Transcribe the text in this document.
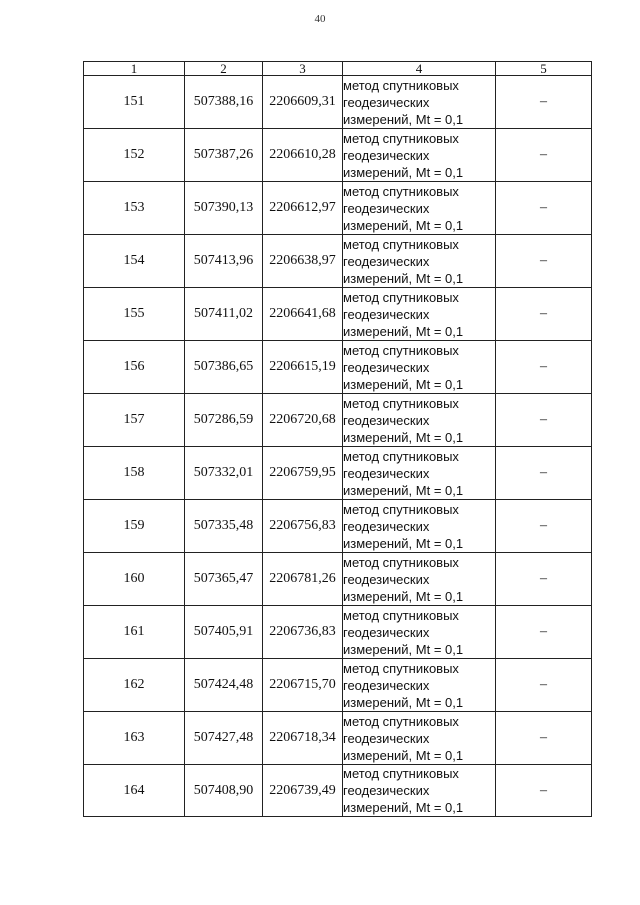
40
1	2	3	4	5
151	507388,16	2206609,31	метод спутниковых
геодезических
измерений, Mt = 0,1	–
152	507387,26	2206610,28	метод спутниковых
геодезических
измерений, Mt = 0,1	–
153	507390,13	2206612,97	метод спутниковых
геодезических
измерений, Mt = 0,1	–
154	507413,96	2206638,97	метод спутниковых
геодезических
измерений, Mt = 0,1	–
155	507411,02	2206641,68	метод спутниковых
геодезических
измерений, Mt = 0,1	–
156	507386,65	2206615,19	метод спутниковых
геодезических
измерений, Mt = 0,1	–
157	507286,59	2206720,68	метод спутниковых
геодезических
измерений, Mt = 0,1	–
158	507332,01	2206759,95	метод спутниковых
геодезических
измерений, Mt = 0,1	–
159	507335,48	2206756,83	метод спутниковых
геодезических
измерений, Mt = 0,1	–
160	507365,47	2206781,26	метод спутниковых
геодезических
измерений, Mt = 0,1	–
161	507405,91	2206736,83	метод спутниковых
геодезических
измерений, Mt = 0,1	–
162	507424,48	2206715,70	метод спутниковых
геодезических
измерений, Mt = 0,1	–
163	507427,48	2206718,34	метод спутниковых
геодезических
измерений, Mt = 0,1	–
164	507408,90	2206739,49	метод спутниковых
геодезических
измерений, Mt = 0,1	–
